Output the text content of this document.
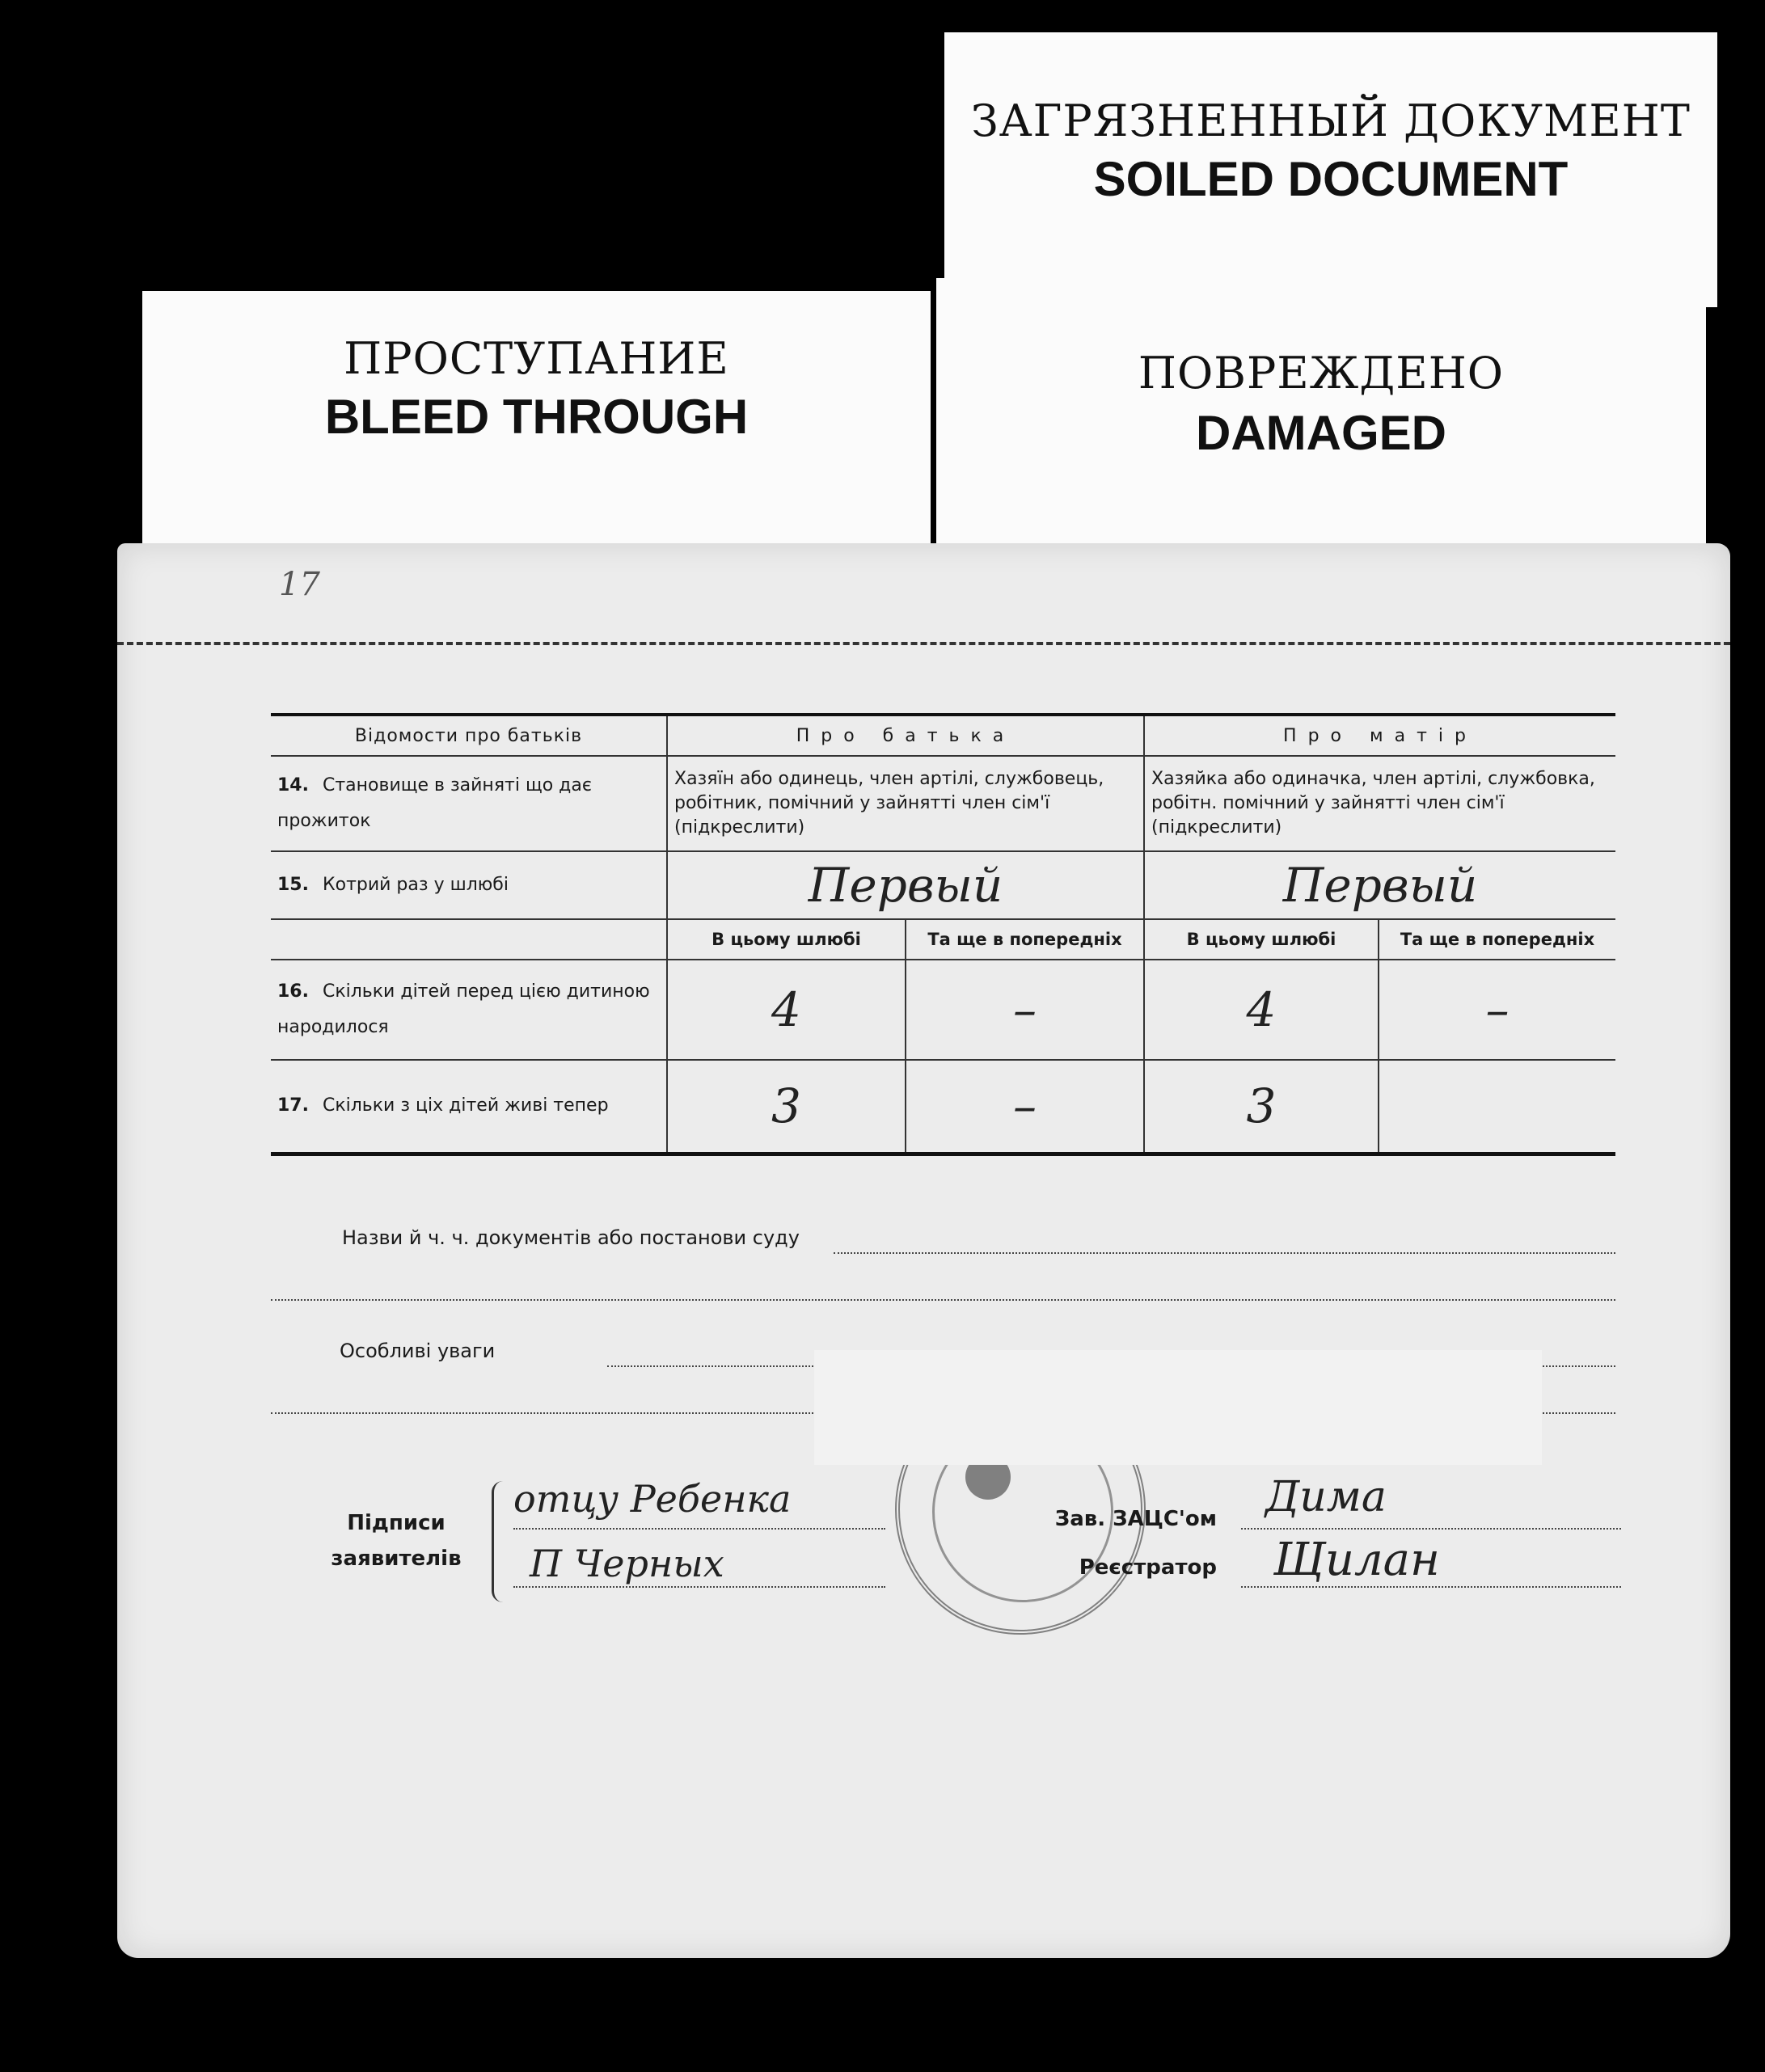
ЗАГРЯЗНЕННЫЙ ДОКУМЕНТ
SOILED DOCUMENT
ПОВРЕЖДЕНО
DAMAGED
ПРОСТУПАНИЕ
BLEED THROUGH
17
Відомости про батьків	Про батька		Про матір	
14. Становище в зайняті що дає прожиток	Хазяїн або одинець, член артілі, службовець, робітник, помічний у зайнятті член сім'ї (підкреслити)		Хазяйка або одиначка, член артілі, службовка, робітн. помічний у зайнятті член сім'ї (підкреслити)	
15. Котрий раз у шлюбі	Первый		Первый	
	В цьому шлюбі	Та ще в попередніх	В цьому шлюбі	Та ще в попередніх
16. Скільки дітей перед цією дитиною народилося	4	–	4	–
17. Скільки з ціх дітей живі тепер	3	–	3	
Назви й ч. ч. документів або постанови суду
Особливі уваги
Підписи
заявителів
отцу Ребенка
П Черных
Зав. ЗАЦС'ом
Реєстратор
Дима
Щилан
